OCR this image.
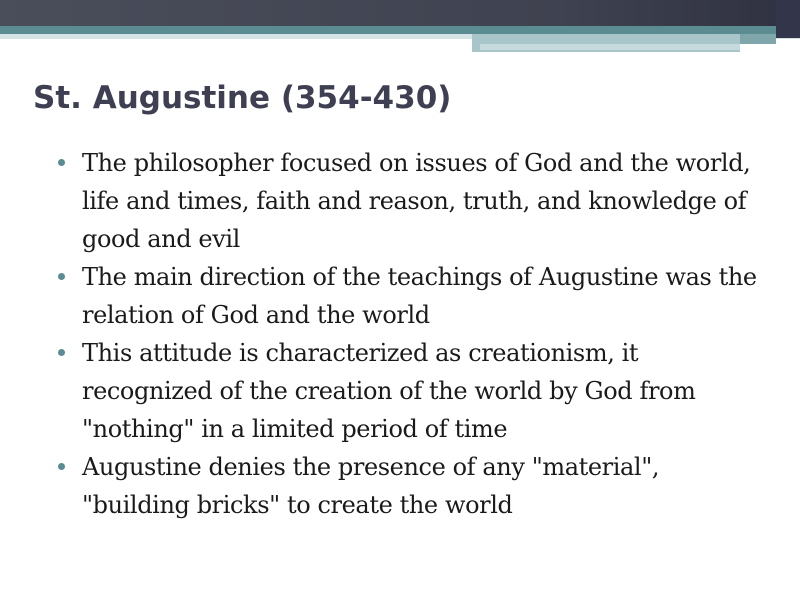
St. Augustine (354-430)
The philosopher focused on issues of God and the world, life and times, faith and reason, truth, and knowledge of good and evil
The main direction of the teachings of Augustine was the relation of God and the world
This attitude is characterized as creationism, it recognized of the creation of the world by God from "nothing" in a limited period of time
Augustine denies the presence of any "material", "building bricks" to create the world
